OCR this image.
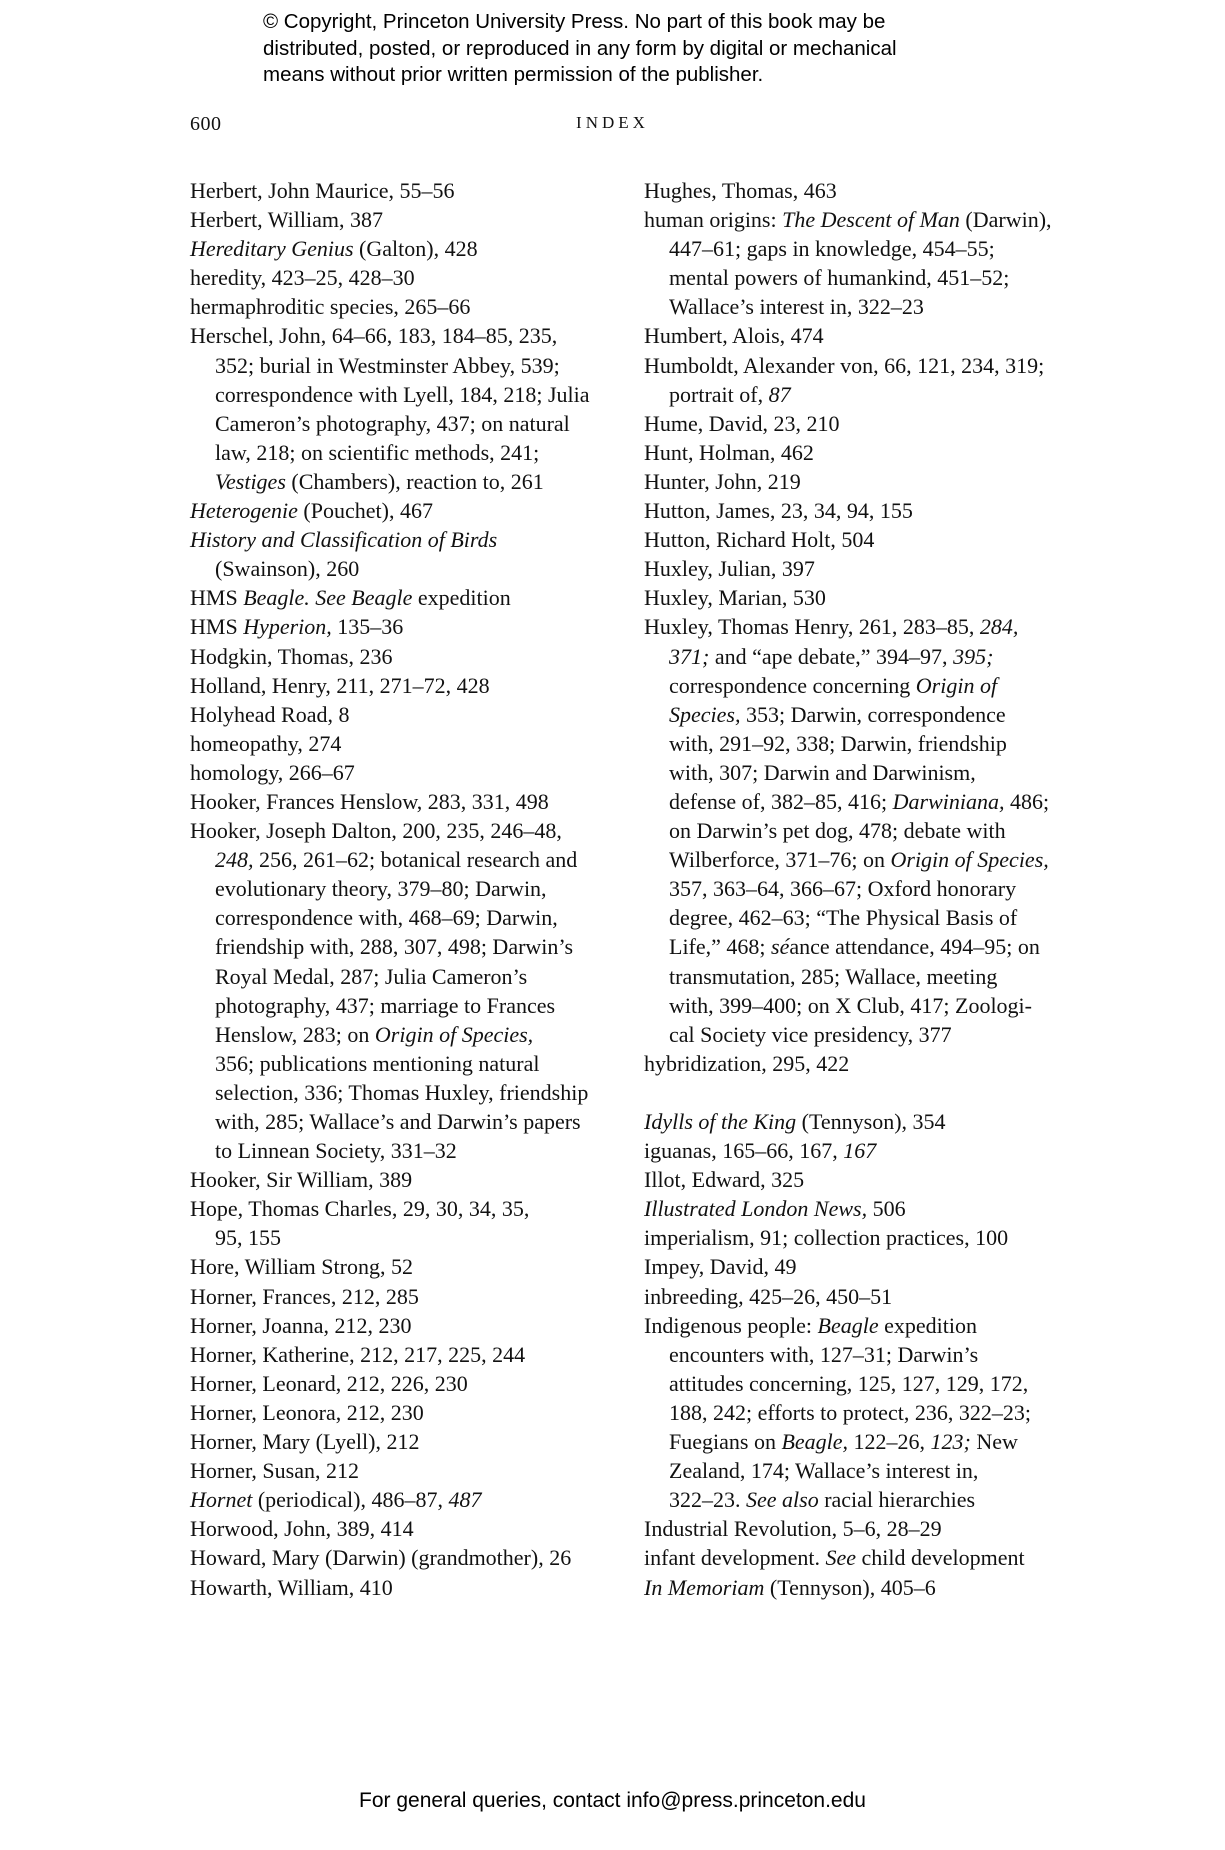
© Copyright, Princeton University Press. No part of this book may be
distributed, posted, or reproduced in any form by digital or mechanical
means without prior written permission of the publisher.
600	INDEX
Herbert, John Maurice, 55–56
Herbert, William, 387
Hereditary Genius (Galton), 428
heredity, 423–25, 428–30
hermaphroditic species, 265–66
Herschel, John, 64–66, 183, 184–85, 235,
352; burial in Westminster Abbey, 539;
correspondence with Lyell, 184, 218; Julia
Cameron’s photography, 437; on natural
law, 218; on scientific methods, 241;
Vestiges (Chambers), reaction to, 261
Heterogenie (Pouchet), 467
History and Classification of Birds
(Swainson), 260
HMS Beagle. See Beagle expedition
HMS Hyperion, 135–36
Hodgkin, Thomas, 236
Holland, Henry, 211, 271–72, 428
Holyhead Road, 8
homeopathy, 274
homology, 266–67
Hooker, Frances Henslow, 283, 331, 498
Hooker, Joseph Dalton, 200, 235, 246–48,
248, 256, 261–62; botanical research and
evolutionary theory, 379–80; Darwin,
correspondence with, 468–69; Darwin,
friendship with, 288, 307, 498; Darwin’s
Royal Medal, 287; Julia Cameron’s
photography, 437; marriage to Frances
Henslow, 283; on Origin of Species,
356; publications mentioning natural
selection, 336; Thomas Huxley, friendship
with, 285; Wallace’s and Darwin’s papers
to Linnean Society, 331–32
Hooker, Sir William, 389
Hope, Thomas Charles, 29, 30, 34, 35,
95, 155
Hore, William Strong, 52
Horner, Frances, 212, 285
Horner, Joanna, 212, 230
Horner, Katherine, 212, 217, 225, 244
Horner, Leonard, 212, 226, 230
Horner, Leonora, 212, 230
Horner, Mary (Lyell), 212
Horner, Susan, 212
Hornet (periodical), 486–87, 487
Horwood, John, 389, 414
Howard, Mary (Darwin) (grandmother), 26
Howarth, William, 410
Hughes, Thomas, 463
human origins: The Descent of Man (Darwin),
447–61; gaps in knowledge, 454–55;
mental powers of humankind, 451–52;
Wallace’s interest in, 322–23
Humbert, Alois, 474
Humboldt, Alexander von, 66, 121, 234, 319;
portrait of, 87
Hume, David, 23, 210
Hunt, Holman, 462
Hunter, John, 219
Hutton, James, 23, 34, 94, 155
Hutton, Richard Holt, 504
Huxley, Julian, 397
Huxley, Marian, 530
Huxley, Thomas Henry, 261, 283–85, 284,
371; and “ape debate,” 394–97, 395;
correspondence concerning Origin of
Species, 353; Darwin, correspondence
with, 291–92, 338; Darwin, friendship
with, 307; Darwin and Darwinism,
defense of, 382–85, 416; Darwiniana, 486;
on Darwin’s pet dog, 478; debate with
Wilberforce, 371–76; on Origin of Species,
357, 363–64, 366–67; Oxford honorary
degree, 462–63; “The Physical Basis of
Life,” 468; séance attendance, 494–95; on
transmutation, 285; Wallace, meeting
with, 399–400; on X Club, 417; Zoologi-
cal Society vice presidency, 377
hybridization, 295, 422
Idylls of the King (Tennyson), 354
iguanas, 165–66, 167, 167
Illot, Edward, 325
Illustrated London News, 506
imperialism, 91; collection practices, 100
Impey, David, 49
inbreeding, 425–26, 450–51
Indigenous people: Beagle expedition
encounters with, 127–31; Darwin’s
attitudes concerning, 125, 127, 129, 172,
188, 242; efforts to protect, 236, 322–23;
Fuegians on Beagle, 122–26, 123; New
Zealand, 174; Wallace’s interest in,
322–23. See also racial hierarchies
Industrial Revolution, 5–6, 28–29
infant development. See child development
In Memoriam (Tennyson), 405–6
For general queries, contact info@press.princeton.edu
